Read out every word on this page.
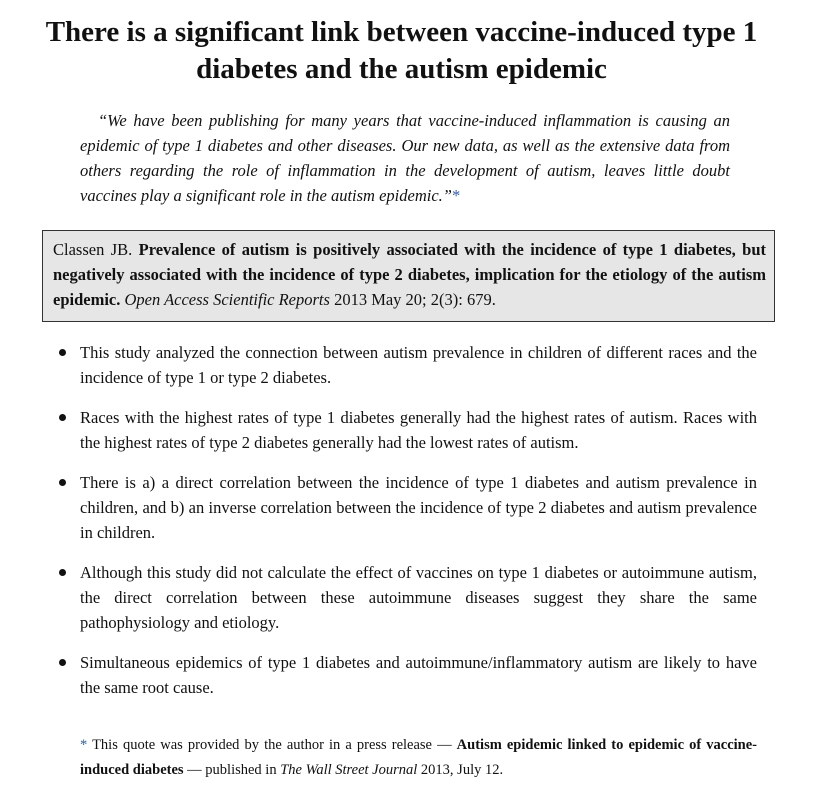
There is a significant link between vaccine-induced type 1 diabetes and the autism epidemic

“We have been publishing for many years that vaccine-induced inflammation is causing an epidemic of type 1 diabetes and other diseases. Our new data, as well as the extensive data from others regarding the role of inflammation in the development of autism, leaves little doubt vaccines play a significant role in the autism epidemic.”*

Classen JB. Prevalence of autism is positively associated with the incidence of type 1 diabetes, but negatively associated with the incidence of type 2 diabetes, implication for the etiology of the autism epidemic. Open Access Scientific Reports 2013 May 20; 2(3): 679.
This study analyzed the connection between autism prevalence in children of different races and the incidence of type 1 or type 2 diabetes.
Races with the highest rates of type 1 diabetes generally had the highest rates of autism. Races with the highest rates of type 2 diabetes generally had the lowest rates of autism.
There is a) a direct correlation between the incidence of type 1 diabetes and autism prevalence in children, and b) an inverse correlation between the incidence of type 2 diabetes and autism prevalence in children.
Although this study did not calculate the effect of vaccines on type 1 diabetes or autoimmune autism, the direct correlation between these autoimmune diseases suggest they share the same pathophysiology and etiology.
Simultaneous epidemics of type 1 diabetes and autoimmune/inflammatory autism are likely to have the same root cause.

* This quote was provided by the author in a press release — Autism epidemic linked to epidemic of vaccine-induced diabetes — published in The Wall Street Journal 2013, July 12.
